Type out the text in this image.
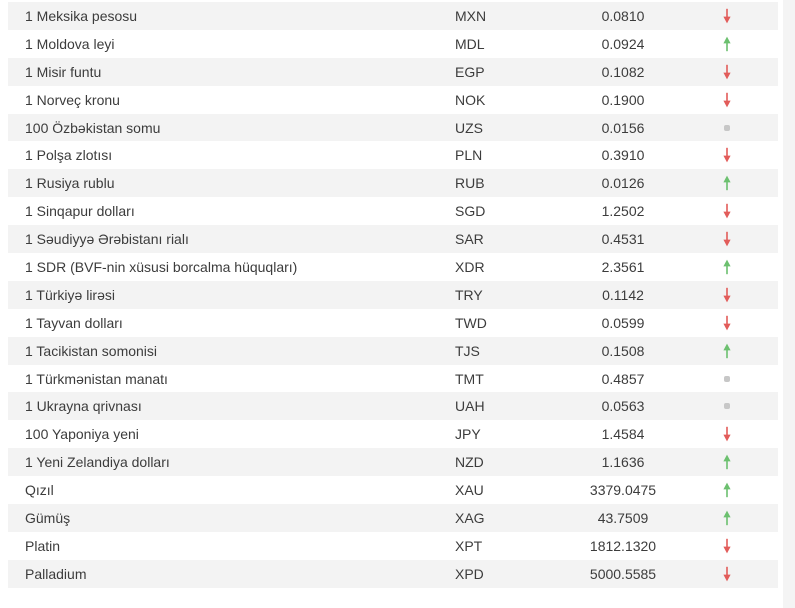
1 Meksika pesosu	MXN	0.0810
1 Moldova leyi	MDL	0.0924
1 Misir funtu	EGP	0.1082
1 Norveç kronu	NOK	0.1900
100 Özbəkistan somu	UZS	0.0156
1 Polşa zlotısı	PLN	0.3910
1 Rusiya rublu	RUB	0.0126
1 Sinqapur dolları	SGD	1.2502
1 Səudiyyə Ərəbistanı rialı	SAR	0.4531
1 SDR (BVF-nin xüsusi borcalma hüquqları)	XDR	2.3561
1 Türkiyə lirəsi	TRY	0.1142
1 Tayvan dolları	TWD	0.0599
1 Tacikistan somonisi	TJS	0.1508
1 Türkmənistan manatı	TMT	0.4857
1 Ukrayna qrivnası	UAH	0.0563
100 Yaponiya yeni	JPY	1.4584
1 Yeni Zelandiya dolları	NZD	1.1636
Qızıl	XAU	3379.0475
Gümüş	XAG	43.7509
Platin	XPT	1812.1320
Palladium	XPD	5000.5585
